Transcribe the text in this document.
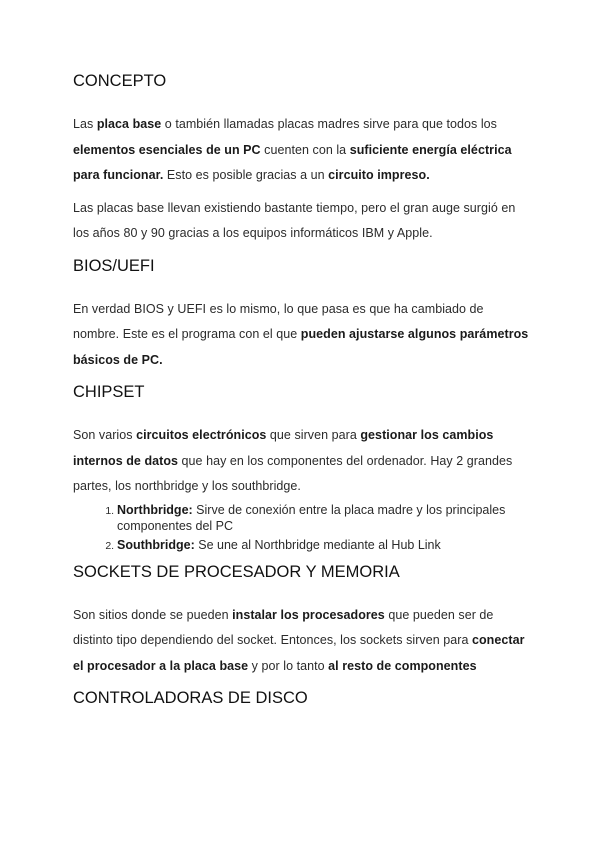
CONCEPTO

Las placa base o también llamadas placas madres sirve para que todos los elementos esenciales de un PC cuenten con la suficiente energía eléctrica para funcionar. Esto es posible gracias a un circuito impreso.

Las placas base llevan existiendo bastante tiempo, pero el gran auge surgió en los años 80 y 90 gracias a los equipos informáticos IBM y Apple.

BIOS/UEFI

En verdad BIOS y UEFI es lo mismo, lo que pasa es que ha cambiado de nombre. Este es el programa con el que pueden ajustarse algunos parámetros básicos de PC.

CHIPSET

Son varios circuitos electrónicos que sirven para gestionar los cambios internos de datos que hay en los componentes del ordenador. Hay 2 grandes partes, los northbridge y los southbridge.

1. Northbridge: Sirve de conexión entre la placa madre y los principales componentes del PC
2. Southbridge: Se une al Northbridge mediante al Hub Link
SOCKETS DE PROCESADOR Y MEMORIA

Son sitios donde se pueden instalar los procesadores que pueden ser de distinto tipo dependiendo del socket. Entonces, los sockets sirven para conectar el procesador a la placa base y por lo tanto al resto de componentes

CONTROLADORAS DE DISCO
